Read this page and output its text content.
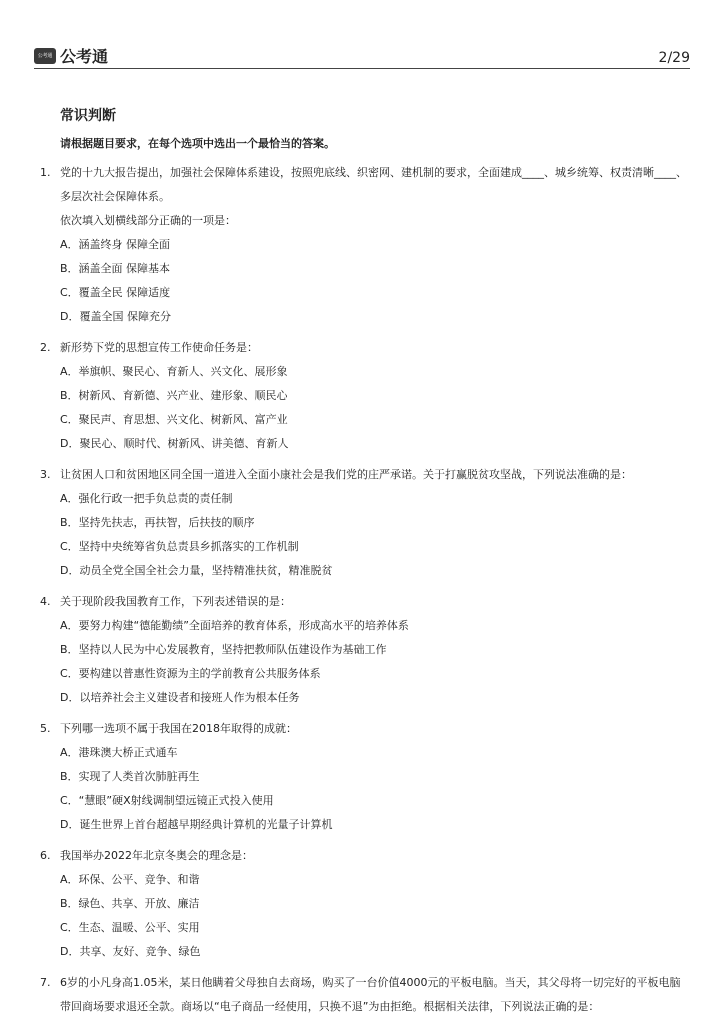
公考通 公考通	2/29
常识判断
请根据题目要求，在每个选项中选出一个最恰当的答案。
1. 党的十九大报告提出，加强社会保障体系建设，按照兜底线、织密网、建机制的要求，全面建成____、城乡统筹、权责清晰____、多层次社会保障体系。
依次填入划横线部分正确的一项是：
A．涵盖终身 保障全面
B．涵盖全面 保障基本
C．覆盖全民 保障适度
D．覆盖全国 保障充分
2. 新形势下党的思想宣传工作使命任务是：
A．举旗帜、聚民心、育新人、兴文化、展形象
B．树新风、育新德、兴产业、建形象、顺民心
C．聚民声、育思想、兴文化、树新风、富产业
D．聚民心、顺时代、树新风、讲美德、育新人
3. 让贫困人口和贫困地区同全国一道进入全面小康社会是我们党的庄严承诺。关于打赢脱贫攻坚战，下列说法准确的是：
A．强化行政一把手负总责的责任制
B．坚持先扶志，再扶智，后扶技的顺序
C．坚持中央统筹省负总责县乡抓落实的工作机制
D．动员全党全国全社会力量，坚持精准扶贫，精准脱贫
4. 关于现阶段我国教育工作，下列表述错误的是：
A．要努力构建“德能勤绩”全面培养的教育体系，形成高水平的培养体系
B．坚持以人民为中心发展教育，坚持把教师队伍建设作为基础工作
C．要构建以普惠性资源为主的学前教育公共服务体系
D．以培养社会主义建设者和接班人作为根本任务
5. 下列哪一选项不属于我国在2018年取得的成就：
A．港珠澳大桥正式通车
B．实现了人类首次肺脏再生
C．“慧眼”硬X射线调制望远镜正式投入使用
D．诞生世界上首台超越早期经典计算机的光量子计算机
6. 我国举办2022年北京冬奥会的理念是：
A．环保、公平、竞争、和谐
B．绿色、共享、开放、廉洁
C．生态、温暖、公平、实用
D．共享、友好、竞争、绿色
7. 6岁的小凡身高1.05米，某日他瞒着父母独自去商场，购买了一台价值4000元的平板电脑。当天，其父母将一切完好的平板电脑带回商场要求退还全款。商场以“电子商品一经使用，只换不退”为由拒绝。根据相关法律，下列说法正确的是：
